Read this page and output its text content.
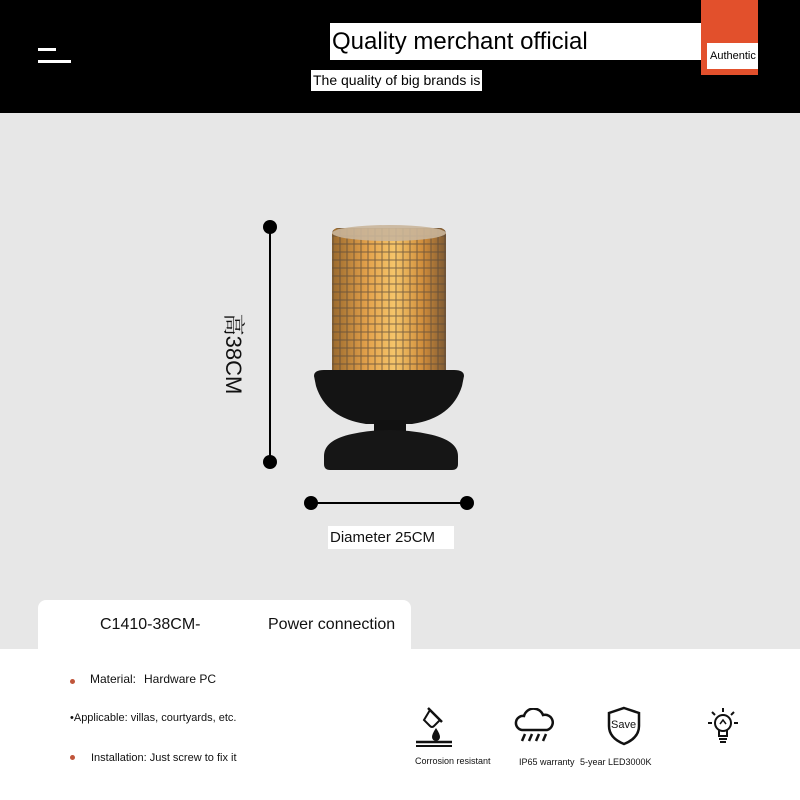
Quality merchant official
Authentic
The quality of big brands is
高38CM
Diameter 25CM
C1410-38CM-	Power connection
Material: Hardware PC
•Applicable: villas, courtyards, etc.
Installation: Just screw to fix it	Corrosion resistant	IP65 warranty
Save
5-year LED3000K
